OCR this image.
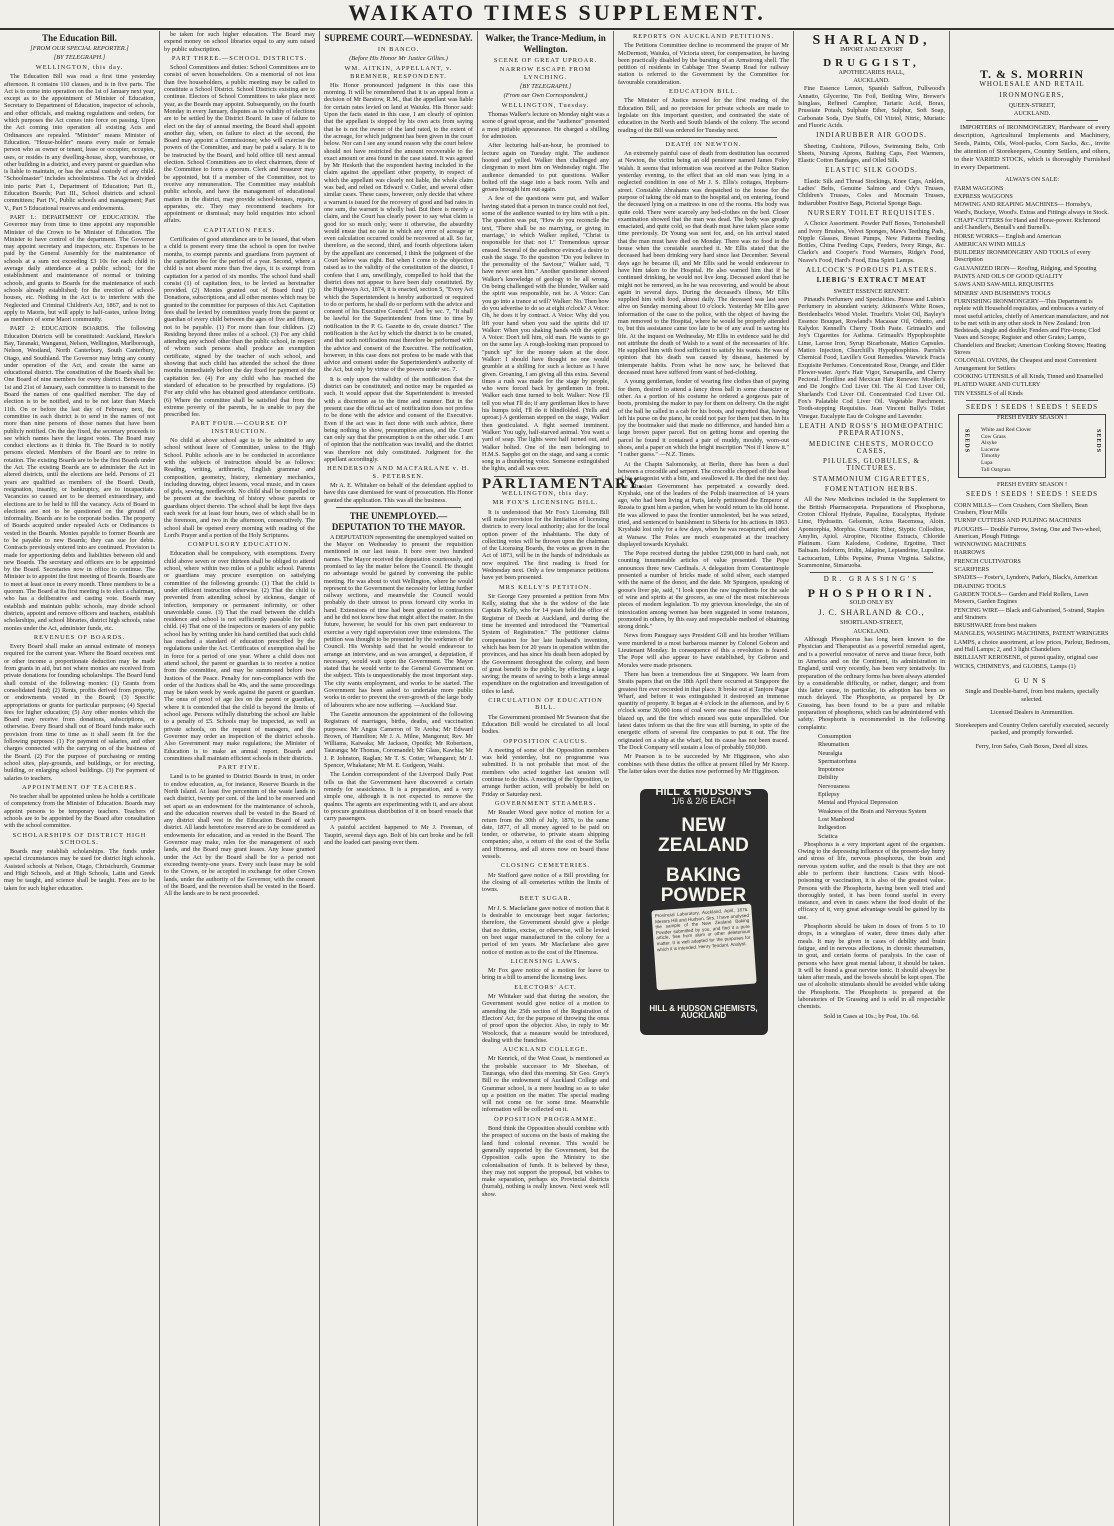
WAIKATO TIMES SUPPLEMENT.
The Education Bill.
[FROM OUR SPECIAL REPORTER.]
[BY TELEGRAPH.]
WELLINGTON, this day.

The Education Bill was read a first time yesterday afternoon. It contains 110 clauses, and is in five parts. The Act is to come into operation on the 1st of January next year, except as to the appointment of Minister of Education, Secretary to Department of Education, inspector of schools, and other officials, and making regulations and orders, for which purposes the Act comes into force on passing. Upon the Act coming into operation all existing Acts and Ordinances are repealed. "Minister" means Minister of Education. "House-holder" means every male or female person who as owner or tenant, lease or occupier, occupies, uses, or resides in any dwelling-house, shop, warehouse, or other building in a district, and every parent or guardian who is liable to maintain, or has the actual custody of any child. "Schoolmaster" includes schoolmistress. The Act is divided into parts: Part I., Department of Education; Part II., Education Boards; Part III., School districts and school committees; Part IV., Public schools and management; Part V., Part 5 Educational reserves and endowments.

PART I.: DEPARTMENT OF EDUCATION. The Governor may from time to time appoint any responsible Minister of the Crown to be Minister of Education. The Minister to have control of the department. The Governor may appoint secretary and inspectors, etc. Expenses to be paid by the General Assembly for the maintenance of schools at a sum not exceeding £3 10s for each child in average daily attendance at a public school; for the establishment and maintenance of normal or training schools, and grants to Boards for the maintenance of such schools already established; for the erection of school-houses, etc. Nothing in the Act is to interfere with the Neglected and Criminal Children's Act, 1867, and is not to apply to Maoris, but will apply to half-castes, unless living as members of some Maori community.

PART 2: EDUCATION BOARDS. The following Education Districts will be constituted: Auckland, Hawke's Bay, Taranaki, Wanganui, Nelson, Wellington, Marlborough, Nelson, Westland, North Canterbury, South Canterbury, Otago, and Southland. The Governor may bring any county under operation of the Act, and create the same an educational district. The constitution of the Boards shall be: One Board of nine members for every district. Between the 1st and 21st of January, each committee is to transmit to the Board the names of one qualified member. The day of election is to be notified, and to be not later than March 11th. On or before the last day of February next, the committee in each district is to send in the names of not more than nine persons of those names that have been publicly notified. On the day fixed, the secretary proceeds to see which names have the largest votes. The Board may conduct elections as it thinks fit. The Board is to notify persons elected. Members of the Board are to retire in rotation. The existing Boards are to be the first Boards under the Act. The existing Boards are to administer the Act in altered districts, until the elections are held. Persons of 21 years are qualified as members of the Board. Death, resignation, insanity, or bankruptcy, are to incapacitate. Vacancies so caused are to be deemed extraordinary, and elections are to be held to fill the vacancy. Acts of Board in elections are not to be questioned on the ground of informality. Boards are to be corporate bodies. The property of Boards acquired under repealed Acts or Ordinances is vested in the Boards. Monies payable to former Boards are to be payable to new Boards; they can sue for debts. Contracts previously entered into are continued. Provision is made for apportioning debts and liabilities between old and new Boards. The secretary and officers are to be appointed by the Board. Secretaries now in office to continue. The Minister is to appoint the first meeting of Boards. Boards are to meet at least once in every month. Three members to be a quorum. The Board at its first meeting is to elect a chairman, who has a deliberative and casting vote. Boards may establish and maintain public schools, may divide school districts, appoint and remove officers and teachers, establish scholarships, and school libraries, district high schools, raise monies under the Act, administer funds, etc.

REVENUES OF BOARDS.

Every Board shall make an annual estimate of moneys required for the current year. Where the Board receives rent or other income a proportionate deduction may be made from grants in aid, but not where monies are received from private donations for founding scholarships. The Board fund shall consist of the following monies: (1) Grants from consolidated fund; (2) Rents, profits derived from property, or endowments vested in the Board; (3) Specific appropriations or grants for particular purposes; (4) Special fees for higher education; (5) Any other monies which the Board may receive from donations, subscriptions, or otherwise. Every Board shall out of Board funds make such provision from time to time as it shall seem fit for the following purposes: (1) For payment of salaries, and other charges connected with the carrying on of the business of the Board. (2) For the purpose of purchasing or renting school sites, play-grounds, and buildings, or for erecting, building, or enlarging school buildings. (3) For payment of salaries to teachers.

APPOINTMENT OF TEACHERS.

No teacher shall be appointed unless he holds a certificate of competency from the Minister of Education. Boards may appoint persons to be temporary teachers. Teachers of schools are to be appointed by the Board after consultation with the school committee.

SCHOLARSHIPS OF DISTRICT HIGH SCHOOLS.

Boards may establish scholarships. The funds under special circumstances may be used for district high schools. Assisted schools at Nelson, Otago, Christchurch, Grammar and High Schools, and at High Schools, Latin and Greek may be taught, and science shall be taught. Fees are to be taken for such higher education.

be taken for such higher education. The Board may expend money on school libraries equal to any sum raised by public subscription.

PART THREE.—SCHOOL DISTRICTS.

School Committees and duties: School Committees are to consist of seven householders. On a memorial of not less than five householders, a public meeting may be called to constitute a School District. School Districts existing are to continue. Electors of School Committees to take place next year, as the Boards may appoint. Subsequently, on the fourth Monday in every January, disputes as to validity of elections are to be settled by the District Board. In case of failure to elect on the day of annual meeting, the Board shall appoint another day, when, on failure to elect at the second, the Board may appoint a Commissioner, who will exercise the powers of the Committee, and may be paid a salary. It is to be instructed by the Board, and hold office till next annual election. School Committees are to elect chairmen, three of the Committee to form a quorum. Clerk and treasurer may be appointed, but if a member of the Committee, not to receive any remuneration. The Committee may establish public schools, and have the management of educational matters in the district, may provide school-houses, repairs, apparatus, etc. They may recommend teachers for appointment or dismissal; may hold enquiries into school affairs.

CAPITATION FEES.

Certificates of good attendance are to be issued, that when a child is present every time the school is open for twelve months, to exempt parents and guardians from payment of the capitation fee for the period of a year. Second, where a child is not absent more than five days, it is exempt from capitation for a period of six months. The school fund shall consist (1) of capitation fees, to be levied as hereinafter provided. (2) Monies granted out of Board fund (3) Donations, subscriptions, and all other monies which may be granted to the committee for purposes of this Act. Capitation fees shall be levied by committees yearly from the parent or guardian of every child between the ages of five and fifteen, not to be payable. (1) For more than four children. (2) Residing beyond three miles of a school. (3) For any child attending any school other than the public school, in respect of whom such persons shall produce an exemption certificate, signed by the teacher of such school, and showing that such child has attended the school the three months immediately before the day fixed for payment of the capitation fee. (4) For any child who has reached the standard of education to be prescribed by regulations. (5) For any child who has obtained good attendance certificate. (6) Where the committee shall be satisfied that from the extreme poverty of the parents, he is unable to pay the prescribed fee.

PART FOUR.—COURSE OF INSTRUCTION.

No child at above school age is to be admitted to any school without leave of Committee, unless to the High School. Public schools are to be conducted in accordance with the subjects of instruction should be as follows: Reading, writing, arithmetic, English grammar and composition, geometry, history, elementary mechanics, including drawing, object lessons, vocal music, and in cases of girls, sewing, needlework. No child shall be compelled to be present at the teaching of history whose parents or guardians object thereto. The school shall be kept five days each week for at least four hours, two of which shall be in the forenoon, and two in the afternoon, consecutively. The school shall be opened every morning with reading of the Lord's Prayer and a portion of the Holy Scriptures.

COMPULSORY EDUCATION.

Education shall be compulsory, with exemptions. Every child above seven or over thirteen shall be obliged to attend school, where within two miles of a public school. Parents or guardians may procure exemption on satisfying committee of the following grounds: (1) That the child is under efficient instruction otherwise. (2) That the child is prevented from attending school by sickness, danger of infection, temporary or permanent infirmity, or other unavoidable cause. (3) That the road between the child's residence and school is not sufficiently passable for such child. (4) That one of the inspectors or masters of any public school has by writing under his hand certified that such child has reached a standard of education prescribed by the regulations under the Act. Certificates of exemption shall be in force for a period of one year. Where a child does not attend school, the parent or guardian is to receive a notice from the committee, and may be summoned before two Justices of the Peace. Penalty for non-compliance with the order of the Justices shall be 40s, and the same proceedings may be taken week by week against the parent or guardian. The onus of proof of age lies on the parent or guardian, where it is contended that the child is beyond the limits of school age. Persons wilfully disturbing the school are liable to a penalty of £5. Schools may be inspected, as well as private schools, on the request of managers, and the Governor may order an inspection of the district schools. Also Government may make regulations; the Minister of Education is to make an annual report. Boards and committees shall maintain efficient schools in their districts.

PART FIVE.

Land is to be granted to District Boards in trust, in order to endow education, as, for instance, Reserve Boards in the North Island. At least five percentum of the waste lands in each district, twenty per cent. of the land to be reserved and set apart as an endowment for the maintenance of schools, and the education reserves shall be vested in the Board of any district shall vest in the Education Board of such district. All lands heretofore reserved are to be considered as endowments for education, and as vested in the Board. The Governor may make, rules for the management of such lands, and the Board may grant leases. Any lease granted under the Act by the Board shall be for a period not exceeding twenty-one years. Every such lease may be sold to the Crown, or be accepted in exchange for other Crown lands, under the authority of the Governor, with the consent of the Board, and the reversion shall be vested in the Board. All the lands are to be next proceeded.

SUPREME COURT.—WEDNESDAY.
IN BANCO.
(Before His Honor Mr Justice Gillies.)
WM. AITKIN, APPELLANT, v. BREMNER, RESPONDENT.

His Honor pronounced judgment in this case this morning. It will be remembered that it is an appeal from a decision of Mr Barstow, R.M., that the appellant was liable for certain rates levied on land at Waiuku. His Honor said: Upon the facts stated in this case, I am clearly of opinion that the appellant is stopped by his own acts from saying that he is not the owner of the land rated, to the extent of the acreage, for which judgment has been given in the court below. Nor can I see any sound reason why the court below should not have restricted the amount recoverable to the exact amount or area found in the case stated. It was agreed by Mr Hesketh that the respondent having included in the claim against the appellant other property, in respect of which the appellant was clearly not liable, the whole claim was bad, and relied on Edward v. Cutler, and several other similar cases. These cases, however, only decide that where a warrant is issued for the recovery of good and bad rates in one sum, the warrant is wholly bad. But there is merely a claim, and the Court has clearly power to say what claim is good for so much only; were it otherwise, the absurdity would ensue that no rate in which any error of acreage or even calculation occurred could be recovered at all. So far, therefore, as the second, third, and fourth objections taken by the appellant are concerned, I think the judgment of the Court below was right. But when I come to the objection raised as to the validity of the constitution of the district, I confess that I am, unwillingly, compelled to hold that the district does not appear to have been duly constituted. By the Highways Act, 1874, it is enacted, section 5, "Every Act which the Superintendent is hereby authorized or required to do or perform, he shall do or perform with the advice and consent of his Executive Council." And by sec. 7, "It shall be lawful for the Superintendent from time to time by notification in the P. G. Gazette to do, create district." The notification is the Act by which the district is to be created, and that such notification must therefore be performed with the advice and consent of the Executive. The notification, however, in this case does not profess to be made with that advice and consent under the Superintendent's authority of the Act, but only by virtue of the powers under sec. 7.

It is only upon the validity of the notification that the district can be constituted; and notice may be regarded as such. It would appear that the Superintendent is invested with a discretion as to the time and manner. But in the present case the official act of notification does not profess to be done with the advice and consent of the Executive. Even if the act was in fact done with such advice, there being nothing to show, presumption arises, and the Court can only say that the presumption is on the other side. I am of opinion that the notification was invalid, and the district was therefore not duly constituted. Judgment for the appellant accordingly.

HENDERSON AND MACFARLANE v. H. S. PETERSEN.

Mr A. E. Whitaker on behalf of the defendant applied to have this case dismissed for want of prosecution. His Honor granted the application. This was all the business.

THE UNEMPLOYED.—DEPUTATION TO THE MAYOR.

A DEPUTATION representing the unemployed waited on the Mayor on Wednesday to present the requisition mentioned in our last issue. It bore over two hundred names. The Mayor received the deputation courteously, and promised to lay the matter before the Council. He thought no advantage would be gained by convening the public meeting. He was about to visit Wellington, where he would represent to the Government the necessity for letting further railway sections, and meanwhile the Council would probably do their utmost to press forward city works in hand. Extensions of time had been granted to contractors and he did not know how that might affect the matter. In the future, however, he would for his own part endeavour to exercise a very rigid supervision over time extensions. The petition was thought to be presented by the workmen of the Council. His Worship said that he would endeavour to arrange an interview, and as was arranged, a deputation, if necessary, would wait upon the Government. The Mayor stated that he would write to the General Government on the subject. This is unquestionably the most important step. The city wants employment, and works to be started. The Government has been asked to undertake more public works in order to prevent the over-growth of the large body of labourers who are now suffering. —Auckland Star.

The Gazette announces the appointment of the following Registrars of marriages, births, deaths, and vaccination purposes: Mr Angus Cameron of Te Aroha; Mr Edward Brown, of Hamilton; Mr J. A. Milne, Mangonui; Rev. Mr Williams, Kaiwaka; Mr Jackson, Opotiki; Mr Robertson, Tauranga; Mr Thomas, Coromandel; Mr Glass, Kawhia; Mr J. P. Johnston, Raglan; Mr T. S. Cotter, Whangarei; Mr J. Spencer, Whakatane; Mr M. E. Gudgeon, Waihi.

The London correspondent of the Liverpool Daily Post tells us that the Government have discovered a certain remedy for seasickness. It is a preparation, and a very simple one, although it is not expected to remove the qualms. The agents are experimenting with it, and are about to procure gratuitous distribution of it on board vessels that carry passengers.

A painful accident happened to Mr J. Freeman, of Taupiri, several days ago. Bolt of his cart broke and he fell and the loaded cart passing over them.

Walker, the Trance-Medium, in Wellington.
SCENE OF GREAT UPROAR.
NARROW ESCAPE FROM LYNCHING.
[BY TELEGRAPH.]
(From our Own Correspondent.)
WELLINGTON, Tuesday.

Thomas Walker's lecture on Monday night was a scene of great uproar, and the "audience" presented a most pitiable appearance. He charged a shilling for admission.

After lecturing half-an-hour, he promised to lecture again on Tuesday night. The audience hooted and yelled. Walker then challenged any clergyman to meet him on Wednesday night. The audience demanded to put questions. Walker bolted off the stage into a back room. Yells and groans brought him out again.

A few of the questions were put, and Walker having stated that a person in trance could not feel, some of the audience wanted to try him with a pin. The question was put, "How do you reconcile the text, 'There shall be no marrying, or giving in marriage,' to which Walker replied, "Christ is responsible for that: not I." Tremendous uproar ensued. Several of the audience evinced a desire to rush the stage. To the question "Do you believe in the personality of the Saviour," Walker said, "I have never seen him." Another questioner showed Walker's knowledge of geology to be all wrong. On being challenged with the blunder, Walker said the spirit was responsible, not he. A Voice: Can you go into a trance at will? Walker: No. Then how do you advertise to do so at eight o'clock? A Voice: Oh, he does it by contract. A Voice: Why did you lift your hand when you said the spirits did it? Walker: When you shaking hands with the spirit? A Voice: Don't tell him, old man. He wants to go on the same lay. A rough-looking man proposed to "punch up" for the money taken at the door. Walker: I should have thought no one would grumble at a shilling for such a lecture as I have given. Groaning, I am giving all this extra. Several times a rush was made for the stage by people, who were forced back by gentlemen in front. Walker each time turned to bolt. Walker: Now I'll tell you what I'll do; if any gentleman likes to have his bumps told, I'll do it blindfolded. (Yells and uproar.) A gentleman stepped on the stage, Walker then gesticulated. A fight seemed imminent. Walker: You ugly, half-starved animal. You want a yard of soap. The lights were half turned out, and Walker bolted. One of the men belonging to H.M.S. Sappho got on the stage, and sang a comic song in a thundering voice. Someone extinguished the lights, and all was over.

PARLIAMENTARY.
WELLINGTON, this day.
MR FOX'S LICENSING BILL.

It is understood that Mr Fox's Licensing Bill will make provision for the limitation of licensing districts to every local authority; also for the local option power of the inhabitants. The duty of collecting votes will be thrown upon the chairman of the Licensing Boards, the votes as given in the Act of 1873, will be in the hands of individuals as now required. The first reading is fixed for Wednesday next. Only a few temperance petitions have yet been presented.

MRS KELLY'S PETITION.

Sir George Grey presented a petition from Mrs Kelly, stating that she is the widow of the late Captain Kelly, who for 14 years held the office of Registrar of Deeds at Auckland, and during the time he invented and introduced the "Numerical System of Registration." The petitioner claims compensation for her late husband's invention, which has been for 20 years in operation within the provinces, and has since his death been adopted by the Government throughout the colony, and been of great benefit to the public, by effecting a large saving; the means of saving to both a large annual expenditure on the registration and investigation of titles to land.

CIRCULATION OF EDUCATION BILL.

The Government promised Mr Swanson that the Education Bill would be circulated to all local bodies.

OPPOSITION CAUCUS.

A meeting of some of the Opposition members was held yesterday, but no programme was submitted. It is not probable that most of the members who acted together last session will continue to do this. A meeting of the Opposition, to arrange further action, will probably be held on Friday or Saturday next.

GOVERNMENT STEAMERS.

Mr Reader Wood gave notice of motion for a return from the 30th of July, 1876, to the same date, 1877, of all money agreed to be paid on tender, or otherwise, to private steam shipping companies; also, a return of the cost of the Stella and Hinemoa, and all stores now on board these vessels.

CLOSING CEMETERIES.

Mr Stafford gave notice of a Bill providing for the closing of all cemeteries within the limits of towns.

BEET SUGAR.

Mr J. S. Macfarlane gave notice of motion that it is desirable to encourage beet sugar factories; therefore, the Government should give a pledge that no duties, excise, or otherwise, will be levied on beet sugar manufactured in the colony for a period of ten years. Mr Macfarlane also gave notice of motion as to the cost of the Hinemoa.

LICENSING LAWS.

Mr Fox gave notice of a motion for leave to bring in a bill to amend the licensing laws.

ELECTORS' ACT.

Mr Whitaker said that during the session, the Government would give notice of a motion to amending the 25th section of the Registration of Electors' Act, for the purpose of throwing the onus of proof upon the objector. Also, in reply to Mr Woolcock, that a measure would be introduced, dealing with the franchise.

AUCKLAND COLLEGE.

Mr Kenrick, of the West Coast, is mentioned as the probable successor to Mr Sheehan, of Tauranga, who died this morning. Sir Geo. Grey's Bill re the endowment of Auckland College and Grammar school, is a mere heading so as to take up a position on the matter. The special reading will not come on for some time. Meanwhile information will be collected on it.

OPPOSITION PROGRAMME.

Bond think the Opposition should combine with the prospect of success on the basis of making the land fund colonial revenue. This would be generally supported by the Government, but the Opposition calls upon the Ministry to the colonialisation of funds. It is believed by these, they may not support the proposal, but wishes to make separation, perhaps six Provincial districts (hurrah), nothing is really known. Next week will show.

REPORTS ON AUCKLAND PETITIONS.

The Petitions Committee decline to recommend the prayer of Mr McDermott, Waiuku, of Victoria street, for compensation, he having been practically disabled by the bursting of an Armstrong shell. The petition of residents in Cabbage Tree Swamp Road for railway station is referred to the Government by the Committee for favourable consideration.

EDUCATION BILL.

The Minister of Justice moved for the first reading of the Education Bill, and no provision for private schools are made to legislate on this important question, and contrasted the state of education in the North and South Islands of the colony. The second reading of the Bill was ordered for Tuesday next.

DEATH IN NEWTON.

An extremely painful case of death from destitution has occurred at Newton, the victim being an old pensioner named James Foley Walsh. It seems that information was received at the Police Station yesterday evening, to the effect that an old man was lying in a neglected condition in one of Mr J. S. Ellis's cottages, Hepburn-street. Constable Abrahams was despatched to the house for the purpose of taking the old man to the hospital and, on entering, found the deceased lying on a mattress in one of the rooms. His body was quite cold. There were scarcely any bed-clothes on the bed. Closer examination showed that the man was dead. The body was greatly emaciated, and quite cold, so that death must have taken place some time previously. Dr Young was sent for, and, on his arrival stated that the man must have died on Monday. There was no food in the house when the constable searched it. Mr Ellis stated that the deceased had been drinking very hard since last December. Several days ago he became ill, and Mr Ellis said he would endeavour to have him taken to the Hospital. He also warned him that if he continued drinking, he would not live long. Deceased asked that he might not be removed, as he he was recovering, and would be about again in several days. During the deceased's illness, Mr Ellis supplied him with food, almost daily. The deceased was last seen alive on Sunday morning about 10 o'clock. Yesterday Mr Ellis gave information of the case to the police, with the object of having the man removed to the Hospital, where he would be properly attended to, but this assistance came too late to be of any avail in saving his life. At the inquest on Wednesday, Mr Ellis in evidence said he did not attribute the death of Walsh to a want of the necessaries of life. He supplied him with food sufficient to satisfy his wants. He was of opinion that his death was caused by disease, hastened by intemperate habits. From what he now saw, he believed that deceased must have suffered from want of bed-clothing.

A young gentleman, fonder of wearing fine clothes than of paying for them, desired to attend a fancy dress ball in some character or other. As a portion of his costume he ordered a gorgeous pair of boots, promising the maker to pay for them on delivery. On the night of the ball he called in a cab for his boots, and regretted that, having left his purse on the piano, he could not pay for them just then. In his joy the bootmaker said that made no difference, and handed him a large brown paper parcel. But on getting home and opening the parcel he found it contained a pair of muddy, mouldy, worn-out shoes, and a paper on which the bright inscription "Not if I know it." "I rather guess." —N.Z. Times.

At the Chapin Salomonsky, at Berlin, there has been a duel between a crocodile and serpent. The crocodile chopped off the head of his antagonist with a bite, and swallowed it. He died the next day. The Russian Government has perpetrated a cowardly deed. Kryshaki, one of the leaders of the Polish insurrection of 14 years ago, who had been living at Paris, lately petitioned the Emperor of Russia to grant him a pardon, when he would return to his old home. He was allowed to pass the frontier unmolested, but he was seized, tried, and sentenced to banishment to Siberia for his actions in 1863. Kryshaki lost only for a few days, when he was recaptured, and shot at Warsaw. The Poles are much exasperated at the treachery displayed towards Kryshaki.

The Pope received during the jubilee £290,000 in hard cash, not counting innumerable articles of value presented. The Pope announces three new Cardinals. A delegation from Constantinople presented a number of bricks made of solid silver, each stamped with the name of the donor, and the date. Mr Spurgeon, speaking of goose's liver pie, said, "I look upon the raw ingredients for the sale of wine and spirits at the grocers, as one of the most mischievous pieces of modern legislation. To my grievous knowledge, the sin of intoxication among women has been suggested in some instances, promoted in others, by this easy and respectable method of obtaining strong drink."

News from Paraguay says President Gill and his brother William were murdered in a most barbarous manner by Colonel Gobron and Lieutenant Monday. In consequence of this a revolution is feared. The Pope will also appear to have established, by Gobron and Morales were made prisoners.

There has been a tremendous fire at Singapore. We learn from Straits papers that on the 18th April there occurred at Singapore the greatest fire ever recorded in that place. It broke out at Tanjore Pagar Wharf, and before it was extinguished it destroyed an immense quantity of property. It began at 4 o'clock in the afternoon, and by 6 o'clock some 30,000 tons of coal were one mass of fire. The whole blazed up, and the fire which ensued was quite unparalleled. Our latest dates inform us that the fire was still burning, in spite of the energetic efforts of several fire companies to put it out. The fire originated on a ship at the wharf, but its cause has not been traced. The Dock Company will sustain a loss of probably £60,000.

Mr Pearson is to be succeeded by Mr Higginson, who also combines with these duties the office at present filled by Mr Knorp. The latter takes over the duties now performed by Mr Higginson.

HILL & HUDSON'S
1/6 & 2/6 EACH
NEW ZEALAND
BAKING POWDER
Provincial Laboratory, Auckland, April, 1876. Messrs Hill and Hudson. Sirs, I have analysed the sample of the New Zealand Baking Powder submitted by you, and find it a pure article, free from alum or other deleterious matter. It is well adapted for the purposes for which it is intended. Henry Tendant, Analyst.
HILL & HUDSON CHEMISTS, AUCKLAND
SHARLAND,
IMPORT AND EXPORT
DRUGGIST,
APOTHECARIES HALL,
AUCKLAND.

Fine Essence Lemon, Spanish Saffron, Fullwood's Annatto, Glycerine, Tin Foil, Bottling Wire, Brewer's Isinglass, Refined Camphor, Tartaric Acid, Borax, Prussiate Potash, Sulphate Ether, Sulphur, Soft Soap, Carbonate Soda, Dye Stuffs, Oil Vitriol, Nitric, Muriatic and Fluoric Acids.

INDIARUBBER AIR GOODS.

Sheeting, Cushions, Pillows, Swimming Belts, Crib Sheets, Nursing Aprons, Bathing Caps, Feet Warmers, Elastic Cotton Bandages, and Oiled Silk.

ELASTIC SILK GOODS.

Elastic Silk and Thread Stockings, Knee Caps, Anklets, Ladies' Belts, Genuine Salmon and Ody's Trusses, Children's Trusses, Coles and Mocmain Trusses, Indiarubber Positive Bags, Pictorial Sponge Bags.

NURSERY TOILET REQUISITES.

A Choice Assortment. Powder Puff Boxes, Tortoiseshell and Ivory Brushes, Velvet Sponges, Maw's Teething Pads, Nipple Glasses, Breast Pumps, New Patterns Feeding Bottles, China Feeding Cups, Feeders, Ivory Rings, &c. Clarke's and Cooper's Food Warmers, Ridge's Food, Neave's Food, Hard's Food, Etna Spirit Lamps.

ALLCOCK'S POROUS PLASTERS.
LIEBIG'S EXTRACT MEAT
SWEET ESSENCE RENNET.

Pinaud's Perfumery and Specialities. Piesse and Lubin's Perfumery in abundant variety. Atkinson's White Roses, Breidenbach's Wood Violet. Truefitt's Violet Oil, Bayley's Essence Bouquet, Rowland's Macassar Oil, Odonto, and Kalydor. Kennell's Cherry Tooth Paste. Grimault's and Joy's Cigarettes for Asthma. Grimault's Hypophosphite Lime, Larose Iron, Syrup Bicarbonate, Matico Capsules. Matico Injection, Churchill's Hypophosphites. Parrish's Chemical Food, Laville's Gout Remedies. Warwick Fracis Exquisite Perfumes. Concentrated Rose, Orange, and Elder Flower-water. Ayer's Hair Vigor, Sarsaparilla, and Cherry Pectoral. Florilline and Mexican Hair Renewer. Moeller's and De Jongh's Cod Liver Oil. The Al Cod Liver Oil, Sharland's Cod Liver Oil. Concentrated Cod Liver Oil. Fox's Palatable Cod Liver Oil. Vegetable Parchment. Tooth-stopping Requisites. Jean Vincent Bully's Toilet Vinegar. Eucalypte Eau de Cologne and Lavender.

LEATH AND ROSS'S HOMŒOPATHIC PREPARATIONS,
MEDICINE CHESTS, MOROCCO CASES,
PILULES, GLOBULES, & TINCTURES.
STAMMONIUM CIGARETTES,
FOMENTATION HERBS.

All the New Medicines included in the Supplement to the British Pharmacopœia. Preparations of Phosphorus, Croton Chloral Hydrate, Papaline, Eucalyptus, Hydrate Lime, Hydrastin. Gelsemin, Actea Racemosa, Aloin. Apomorphia, Morphia. Oxamic Ether, Styptic Collodion, Amylin, Apiol. Atropine, Nicotine Extracts, Chloride Platinum. Gum Kalodene, Codeine, Ergotine, Tinct Baltsam. Iodoform, Iridin, Jalapine, Leptandrine, Lupuline. Lactucarium, Libbs Pepsine, Prunus Virginia. Salicine, Scammonine, Simaruoba.

DR. GRASSING'S
PHOSPHORIN.
SOLD ONLY BY
J. C. SHARLAND & CO.,
SHORTLAND-STREET,
AUCKLAND.

Although Phosphorus has long been known to the Physician and Therapeutist as a powerful remedial agent, and is a powerful renovator of nerve and tissue force, both in America and on the Continent, its administration in England, until very recently, has been very tentatively. Its preparation of the ordinary forms has been always attended by a considerable difficulty, or rather, danger; and from this latter cause, in particular, its adoption has been so much delayed. The Phosphorin, as prepared by Dr Grassing, has been found to be a pure and reliable preparation of phosphorus, which can be administered with safety. Phosphorin is recommended in the following complaints:

Consumption
Rheumatism
Neuralgia
Spermatorrhœa
Impotence
Debility
Nervousness
Epilepsy
Mental and Physical Depression
Weakness of the Brain and Nervous System
Lost Manhood
Indigestion
Sciatica

Phosphorus is a very important agent of the organism. Owing to the depressing influence of the present-day hurry and stress of life, nervous phosphorus, the brain and nervous system suffer, and the result is that they are not able to perform their functions. Cases with blood-poisoning or vaccination, it is also of the greatest value. Persons with the Phosphorin, having been well tried and thoroughly tested, it has been found useful in every instance, and even in cases where the food doubt of the efficacy of it, very great advantage would be gained by its use.

Phosphorin should be taken in doses of from 5 to 10 drops, in a wineglass of water, three times daily after meals. It may be given in cases of debility and brain fatigue, and in nervous affections, in chronic rheumatism, in gout, and certain forms of paralysis. In the case of persons who have great mental labour, it should be taken. It will be found a great nervine tonic. It should always be taken after meals, and the bowels should be kept open. The use of alcoholic stimulants should be avoided while taking the Phosphorin. The Phosphorin is prepared at the laboratories of Dr Grassing and is sold in all respectable chemists.

Sold in Cases at 10s.; by Post, 10s. 6d.
T. & S. MORRIN
WHOLESALE AND RETAIL
IRONMONGERS,
QUEEN-STREET,
AUCKLAND.

IMPORTERS of IRONMONGERY, Hardware of every description, Agricultural Implements and Machinery, Seeds, Paints, Oils, Wool-packs, Corn Sacks, &c., invite the attention of Storekeepers, Country Settlers, and others, to their VARIED STOCK, which is thoroughly Furnished in every Department.

ALWAYS ON SALE:
FARM WAGGONS
EXPRESS WAGGONS
MOWING AND REAPING MACHINES— Hornsby's, Ward's, Buckeye, Wood's. Extras and Fittings always in Stock.
CHAFF-CUTTERS for Hand and Horse-power. Richmond and Chandler's, Bentall's and Burnell's.
HORSE WORKS— English and American
AMERICAN WIND MILLS
BUILDERS' IRONMONGERY AND TOOLS of every Description
GALVANIZED IRON— Roofing, Ridging, and Spouting
PAINTS AND OILS OF GOOD QUALITY
SAWS AND SAW-MILL REQUISITES
MINERS' AND BUSHMEN'S TOOLS
FURNISHING IRONMONGERY—This Department is replete with Household requisites, and embraces a variety of most useful articles, chiefly of American manufacture, and not to be met with in any other stock in New Zealand: Iron Bedsteads, single and double; Fenders and Fire-irons; Clod Vases and Scoops; Register and other Grates; Lamps, Chandeliers and Bracket; American Cooking Stoves; Heating Stoves
COLONIAL OVENS, the Cheapest and most Convenient Arrangement for Settlers
COOKING UTENSILS of all Kinds, Tinned and Enamelled
PLATED WARE AND CUTLERY
TIN VESSELS of all Kinds
SEEDS ! SEEDS ! SEEDS ! SEEDS
FRESH EVERY SEASON !
SEEDS	SEEDS
White and Red Clover
Cow Grass
Alsyke
Lucerne
Timothy
Lupa
Tall Oatgrass
FRESH EVERY SEASON !
SEEDS ! SEEDS ! SEEDS ! SEEDS
CORN MILLS— Corn Crushers, Corn Shellers, Bean Crushers, Flour Mills
TURNIP CUTTERS AND PULPING MACHINES
PLOUGHS— Double Furrow, Swing, One and Two-wheel, American, Plough Fittings
WINNOWING MACHINES
HARROWS
FRENCH CULTIVATORS
SCARIFIERS
SPADES— Foster's, Lyndon's, Parke's, Black's, American
DRAINING TOOLS
GARDEN TOOLS— Garden and Field Rollers, Lawn Mowers, Garden Engines
FENCING WIRE— Black and Galvanised, 5-strand, Staples and Strainers
BRUSHWARE from best makers
MANGLES, WASHING MACHINES, PATENT WRINGERS
LAMPS, a choice assortment, at low prices, Parlour, Bedroom, and Hall Lamps; 2, and 3 light Chandeliers
BRILLIANT KEROSENE, of purest quality, original case
WICKS, CHIMNEYS, and GLOBES, Lamps (1)
GUNS
Single and Double-barrel, from best makers, specially selected.
Licensed Dealers in Ammunition.
Storekeepers and Country Orders carefully executed, securely packed, and promptly forwarded.
Ferry, Iron Safes, Cash Boxes, Deed all sizes.
